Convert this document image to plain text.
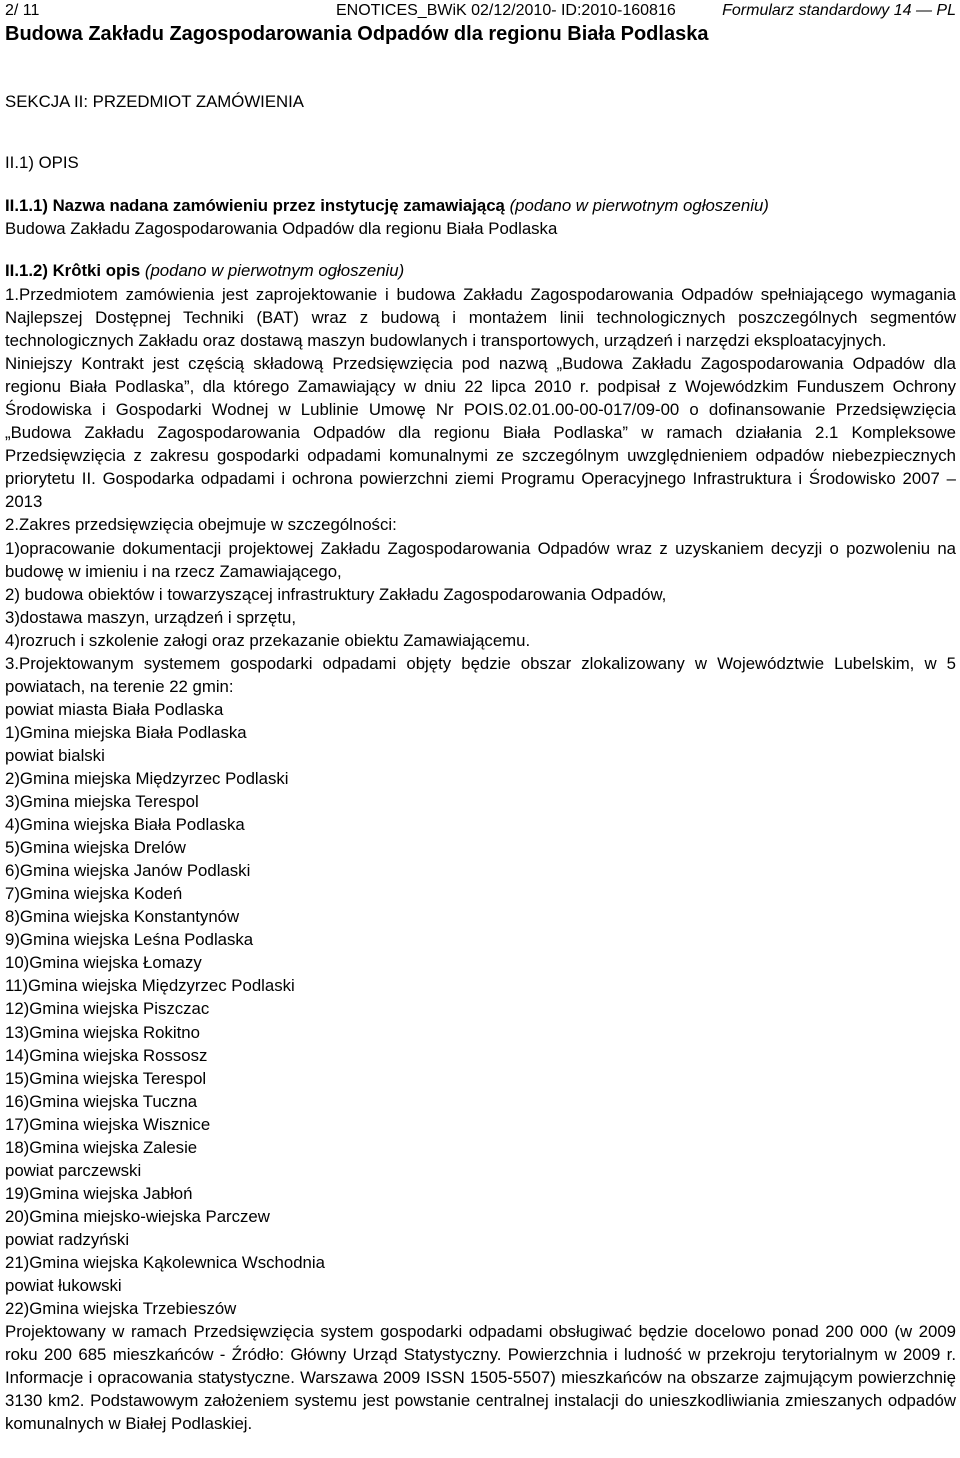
2/ 11	ENOTICES_BWiK 02/12/2010- ID:2010-160816	Formularz standardowy 14 — PL
Budowa Zakładu Zagospodarowania Odpadów dla regionu Biała Podlaska
SEKCJA II: PRZEDMIOT ZAMÓWIENIA
II.1) OPIS
II.1.1) Nazwa nadana zamówieniu przez instytucję zamawiającą (podano w pierwotnym ogłoszeniu)
Budowa Zakładu Zagospodarowania Odpadów dla regionu Biała Podlaska
II.1.2) Krôtki opis (podano w pierwotnym ogłoszeniu)

1.Przedmiotem zamówienia jest zaprojektowanie i budowa Zakładu Zagospodarowania Odpadów spełniającego wymagania Najlepszej Dostępnej Techniki (BAT) wraz z budową i montażem linii technologicznych poszczególnych segmentów technologicznych Zakładu oraz dostawą maszyn budowlanych i transportowych, urządzeń i narzędzi eksploatacyjnych.

Niniejszy Kontrakt jest częścią składową Przedsięwzięcia pod nazwą „Budowa Zakładu Zagospodarowania Odpadów dla regionu Biała Podlaska”, dla którego Zamawiający w dniu 22 lipca 2010 r. podpisał z Wojewódzkim Funduszem Ochrony Środowiska i Gospodarki Wodnej w Lublinie Umowę Nr POIS.02.01.00-00-017/09-00 o dofinansowanie Przedsięwzięcia „Budowa Zakładu Zagospodarowania Odpadów dla regionu Biała Podlaska” w ramach działania 2.1 Kompleksowe Przedsięwzięcia z zakresu gospodarki odpadami komunalnymi ze szczególnym uwzględnieniem odpadów niebezpiecznych priorytetu II. Gospodarka odpadami i ochrona powierzchni ziemi Programu Operacyjnego Infrastruktura i Środowisko 2007 – 2013

2.Zakres przedsięwzięcia obejmuje w szczególności:

1)opracowanie dokumentacji projektowej Zakładu Zagospodarowania Odpadów wraz z uzyskaniem decyzji o pozwoleniu na budowę w imieniu i na rzecz Zamawiającego,

2) budowa obiektów i towarzyszącej infrastruktury Zakładu Zagospodarowania Odpadów,

3)dostawa maszyn, urządzeń i sprzętu,

4)rozruch i szkolenie załogi oraz przekazanie obiektu Zamawiającemu.

3.Projektowanym systemem gospodarki odpadami objęty będzie obszar zlokalizowany w Województwie Lubelskim, w 5 powiatach, na terenie 22 gmin:

powiat miasta Biała Podlaska

1)Gmina miejska Biała Podlaska

powiat bialski

2)Gmina miejska Międzyrzec Podlaski

3)Gmina miejska Terespol

4)Gmina wiejska Biała Podlaska

5)Gmina wiejska Drelów

6)Gmina wiejska Janów Podlaski

7)Gmina wiejska Kodeń

8)Gmina wiejska Konstantynów

9)Gmina wiejska Leśna Podlaska

10)Gmina wiejska Łomazy

11)Gmina wiejska Międzyrzec Podlaski

12)Gmina wiejska Piszczac

13)Gmina wiejska Rokitno

14)Gmina wiejska Rossosz

15)Gmina wiejska Terespol

16)Gmina wiejska Tuczna

17)Gmina wiejska Wisznice

18)Gmina wiejska Zalesie

powiat parczewski

19)Gmina wiejska Jabłoń

20)Gmina miejsko-wiejska Parczew

powiat radzyński

21)Gmina wiejska Kąkolewnica Wschodnia

powiat łukowski

22)Gmina wiejska Trzebieszów

Projektowany w ramach Przedsięwzięcia system gospodarki odpadami obsługiwać będzie docelowo ponad 200 000 (w 2009 roku 200 685 mieszkańców - Źródło: Główny Urząd Statystyczny. Powierzchnia i ludność w przekroju terytorialnym w 2009 r. Informacje i opracowania statystyczne. Warszawa 2009 ISSN 1505-5507) mieszkańców na obszarze zajmującym powierzchnię 3130 km2. Podstawowym założeniem systemu jest powstanie centralnej instalacji do unieszkodliwiania zmieszanych odpadów komunalnych w Białej Podlaskiej.
